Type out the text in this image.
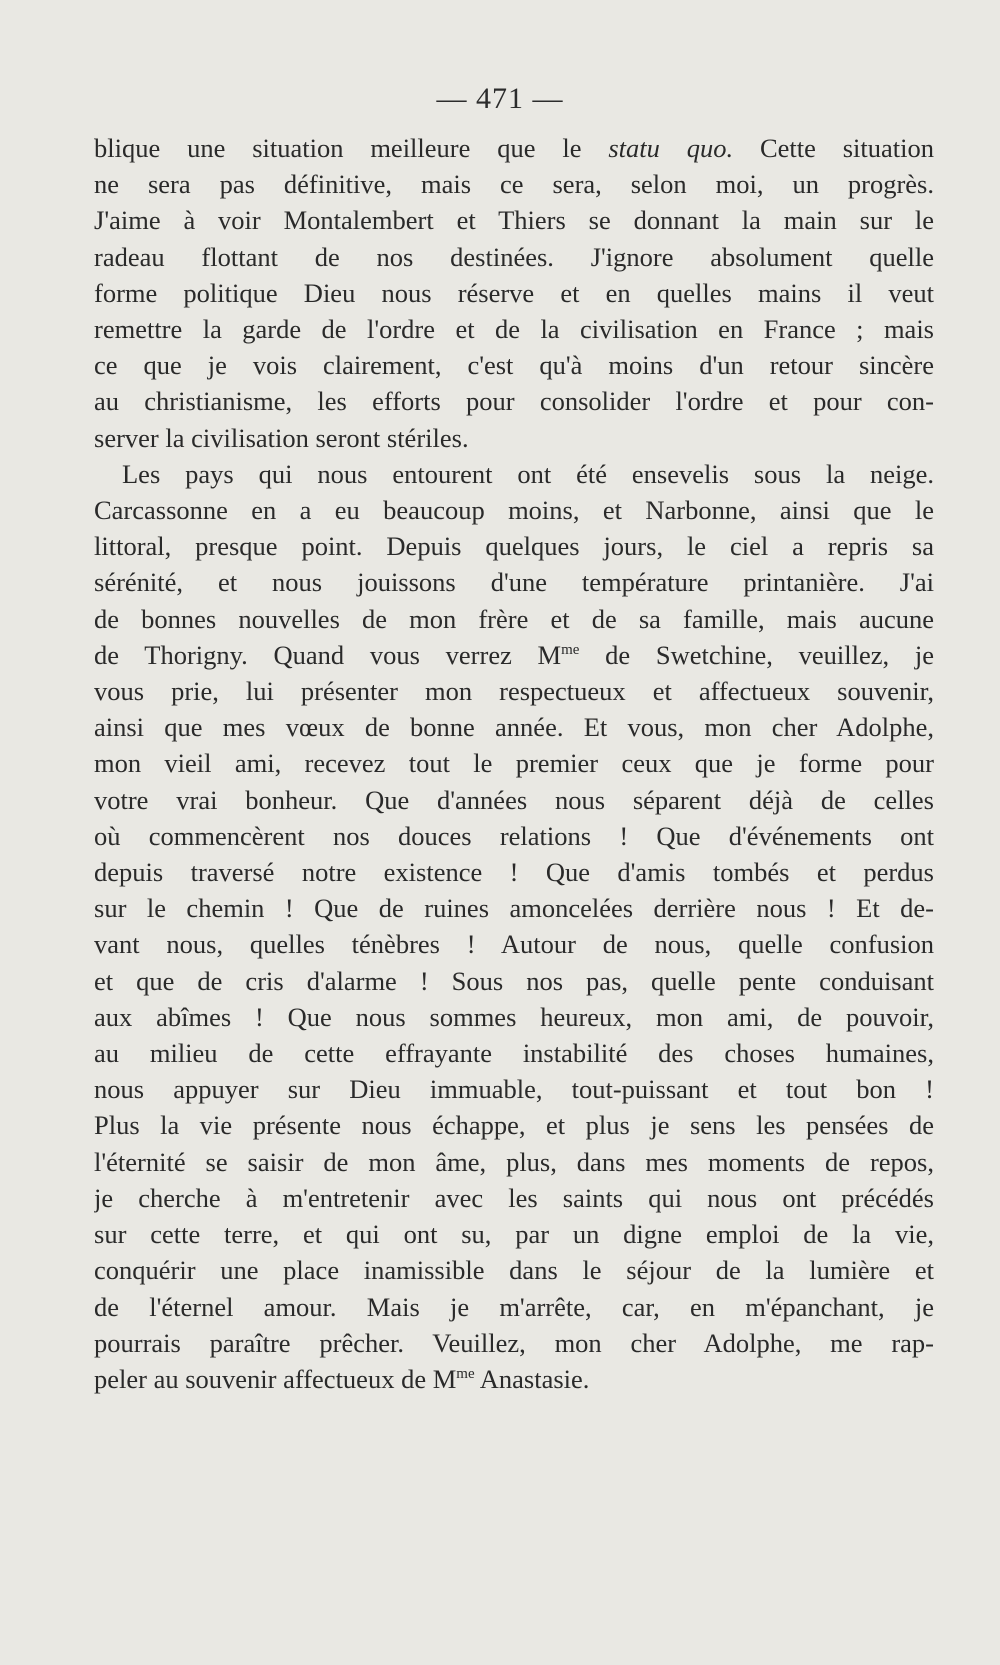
— 471 —

blique une situation meilleure que le statu quo. Cette situation
ne sera pas définitive, mais ce sera, selon moi, un progrès.
J'aime à voir Montalembert et Thiers se donnant la main sur le
radeau flottant de nos destinées. J'ignore absolument quelle
forme politique Dieu nous réserve et en quelles mains il veut
remettre la garde de l'ordre et de la civilisation en France ; mais
ce que je vois clairement, c'est qu'à moins d'un retour sincère
au christianisme, les efforts pour consolider l'ordre et pour con-
server la civilisation seront stériles.

Les pays qui nous entourent ont été ensevelis sous la neige.
Carcassonne en a eu beaucoup moins, et Narbonne, ainsi que le
littoral, presque point. Depuis quelques jours, le ciel a repris sa
sérénité, et nous jouissons d'une température printanière. J'ai
de bonnes nouvelles de mon frère et de sa famille, mais aucune
de Thorigny. Quand vous verrez $M^{me}$ de Swetchine, veuillez, je
vous prie, lui présenter mon respectueux et affectueux souvenir,
ainsi que mes vœux de bonne année. Et vous, mon cher Adolphe,
mon vieil ami, recevez tout le premier ceux que je forme pour
votre vrai bonheur. Que d'années nous séparent déjà de celles
où commencèrent nos douces relations ! Que d'événements ont
depuis traversé notre existence ! Que d'amis tombés et perdus
sur le chemin ! Que de ruines amoncelées derrière nous ! Et de-
vant nous, quelles ténèbres ! Autour de nous, quelle confusion
et que de cris d'alarme ! Sous nos pas, quelle pente conduisant
aux abîmes ! Que nous sommes heureux, mon ami, de pouvoir,
au milieu de cette effrayante instabilité des choses humaines,
nous appuyer sur Dieu immuable, tout-puissant et tout bon !
Plus la vie présente nous échappe, et plus je sens les pensées de
l'éternité se saisir de mon âme, plus, dans mes moments de repos,
je cherche à m'entretenir avec les saints qui nous ont précédés
sur cette terre, et qui ont su, par un digne emploi de la vie,
conquérir une place inamissible dans le séjour de la lumière et
de l'éternel amour. Mais je m'arrête, car, en m'épanchant, je
pourrais paraître prêcher. Veuillez, mon cher Adolphe, me rap-
peler au souvenir affectueux de $M^{me}$ Anastasie.
